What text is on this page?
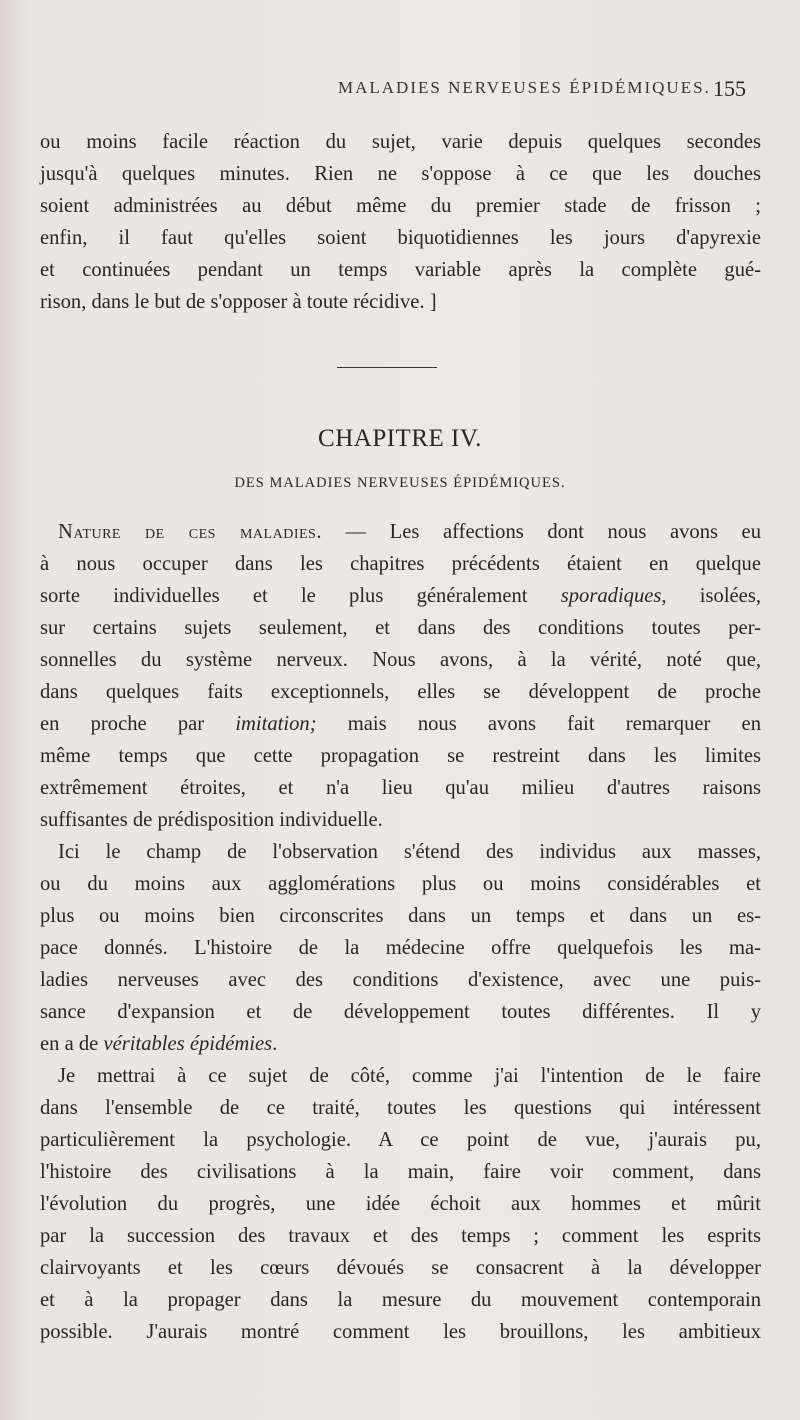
MALADIES NERVEUSES ÉPIDÉMIQUES. 155
ou moins facile réaction du sujet, varie depuis quelques secondes
jusqu'à quelques minutes. Rien ne s'oppose à ce que les douches
soient administrées au début même du premier stade de frisson ;
enfin, il faut qu'elles soient biquotidiennes les jours d'apyrexie
et continuées pendant un temps variable après la complète gué-
rison, dans le but de s'opposer à toute récidive. ]
CHAPITRE IV.
DES MALADIES NERVEUSES ÉPIDÉMIQUES.
Nature de ces maladies. — Les affections dont nous avons eu
à nous occuper dans les chapitres précédents étaient en quelque
sorte individuelles et le plus généralement sporadiques, isolées,
sur certains sujets seulement, et dans des conditions toutes per-
sonnelles du système nerveux. Nous avons, à la vérité, noté que,
dans quelques faits exceptionnels, elles se développent de proche
en proche par imitation; mais nous avons fait remarquer en
même temps que cette propagation se restreint dans les limites
extrêmement étroites, et n'a lieu qu'au milieu d'autres raisons
suffisantes de prédisposition individuelle.
Ici le champ de l'observation s'étend des individus aux masses,
ou du moins aux agglomérations plus ou moins considérables et
plus ou moins bien circonscrites dans un temps et dans un es-
pace donnés. L'histoire de la médecine offre quelquefois les ma-
ladies nerveuses avec des conditions d'existence, avec une puis-
sance d'expansion et de développement toutes différentes. Il y
en a de véritables épidémies.
Je mettrai à ce sujet de côté, comme j'ai l'intention de le faire
dans l'ensemble de ce traité, toutes les questions qui intéressent
particulièrement la psychologie. A ce point de vue, j'aurais pu,
l'histoire des civilisations à la main, faire voir comment, dans
l'évolution du progrès, une idée échoit aux hommes et mûrit
par la succession des travaux et des temps ; comment les esprits
clairvoyants et les cœurs dévoués se consacrent à la développer
et à la propager dans la mesure du mouvement contemporain
possible. J'aurais montré comment les brouillons, les ambitieux
